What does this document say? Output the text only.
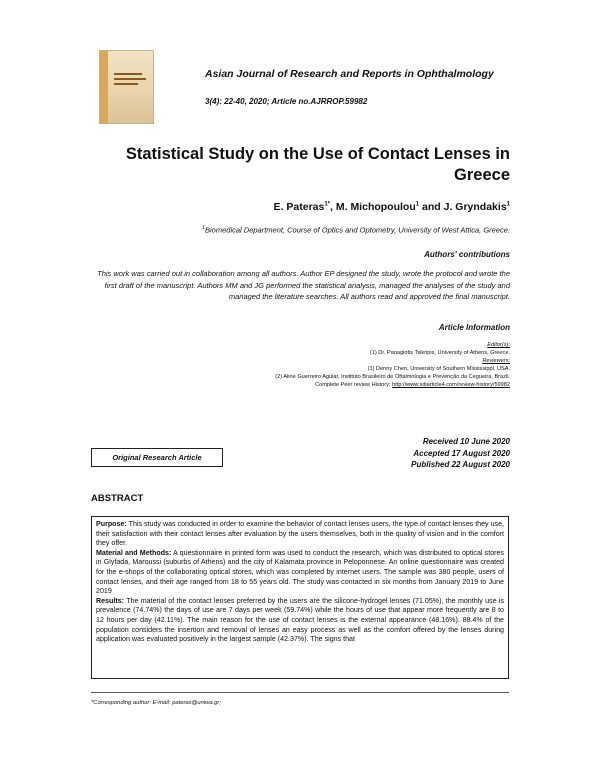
Asian Journal of Research and Reports in Ophthalmology
3(4): 22-40, 2020; Article no.AJRROP.59982
Statistical Study on the Use of Contact Lenses in Greece
E. Pateras$^{1*}$, M. Michopoulou$^1$ and J. Gryndakis$^1$
$^1$Biomedical Department, Course of Optics and Optometry, University of West Attica, Greece.
Authors' contributions
This work was carried out in collaboration among all authors. Author EP designed the study, wrote the protocol and wrote the first draft of the manuscript. Authors MM and JG performed the statistical analysis, managed the analyses of the study and managed the literature searches. All authors read and approved the final manuscript.
Article Information
Editor(s):
(1) Dr. Panagiotis Tsikripis, University of Athens, Greece.
Reviewers:
(1) Denny Chen, University of Southern Mississippi, USA.
(2) Aline Guerreiro Aguiar, Instituto Brasileiro de Oftalmologia e Prevenção da Cegueira, Brazil.
Complete Peer review History: http://www.sdiarticle4.com/review-history/59982
Received 10 June 2020
Accepted 17 August 2020
Published 22 August 2020
Original Research Article
ABSTRACT
Purpose: This study was conducted in order to examine the behavior of contact lenses users, the type of contact lenses they use, their satisfaction with their contact lenses after evaluation by the users themselves, both in the quality of vision and in the comfort they offer.
Material and Methods: A questionnaire in printed form was used to conduct the research, which was distributed to optical stores in Glyfada, Maroussi (suburbs of Athens) and the city of Kalamata province in Peloponnese. An online questionnaire was created for the e-shops of the collaborating optical stores, which was completed by internet users. The sample was 380 people, users of contact lenses, and their age ranged from 18 to 55 years old. The study was contacted in six months from January 2019 to June 2019
Results: The material of the contact lenses preferred by the users are the silicone-hydrogel lenses (71.05%), the monthly use is prevalence (74.74%) the days of use are 7 days per week (59.74%) while the hours of use that appear more frequently are 8 to 12 hours per day (42.11%). The main reason for the use of contact lenses is the external appearance (48.16%). 88.4% of the population considers the insertion and removal of lenses an easy process as well as the comfort offered by the lenses during application was evaluated positively in the largest sample (42.37%). The signs that
*Corresponding author: E-mail: pateras@uniwa.gr;
